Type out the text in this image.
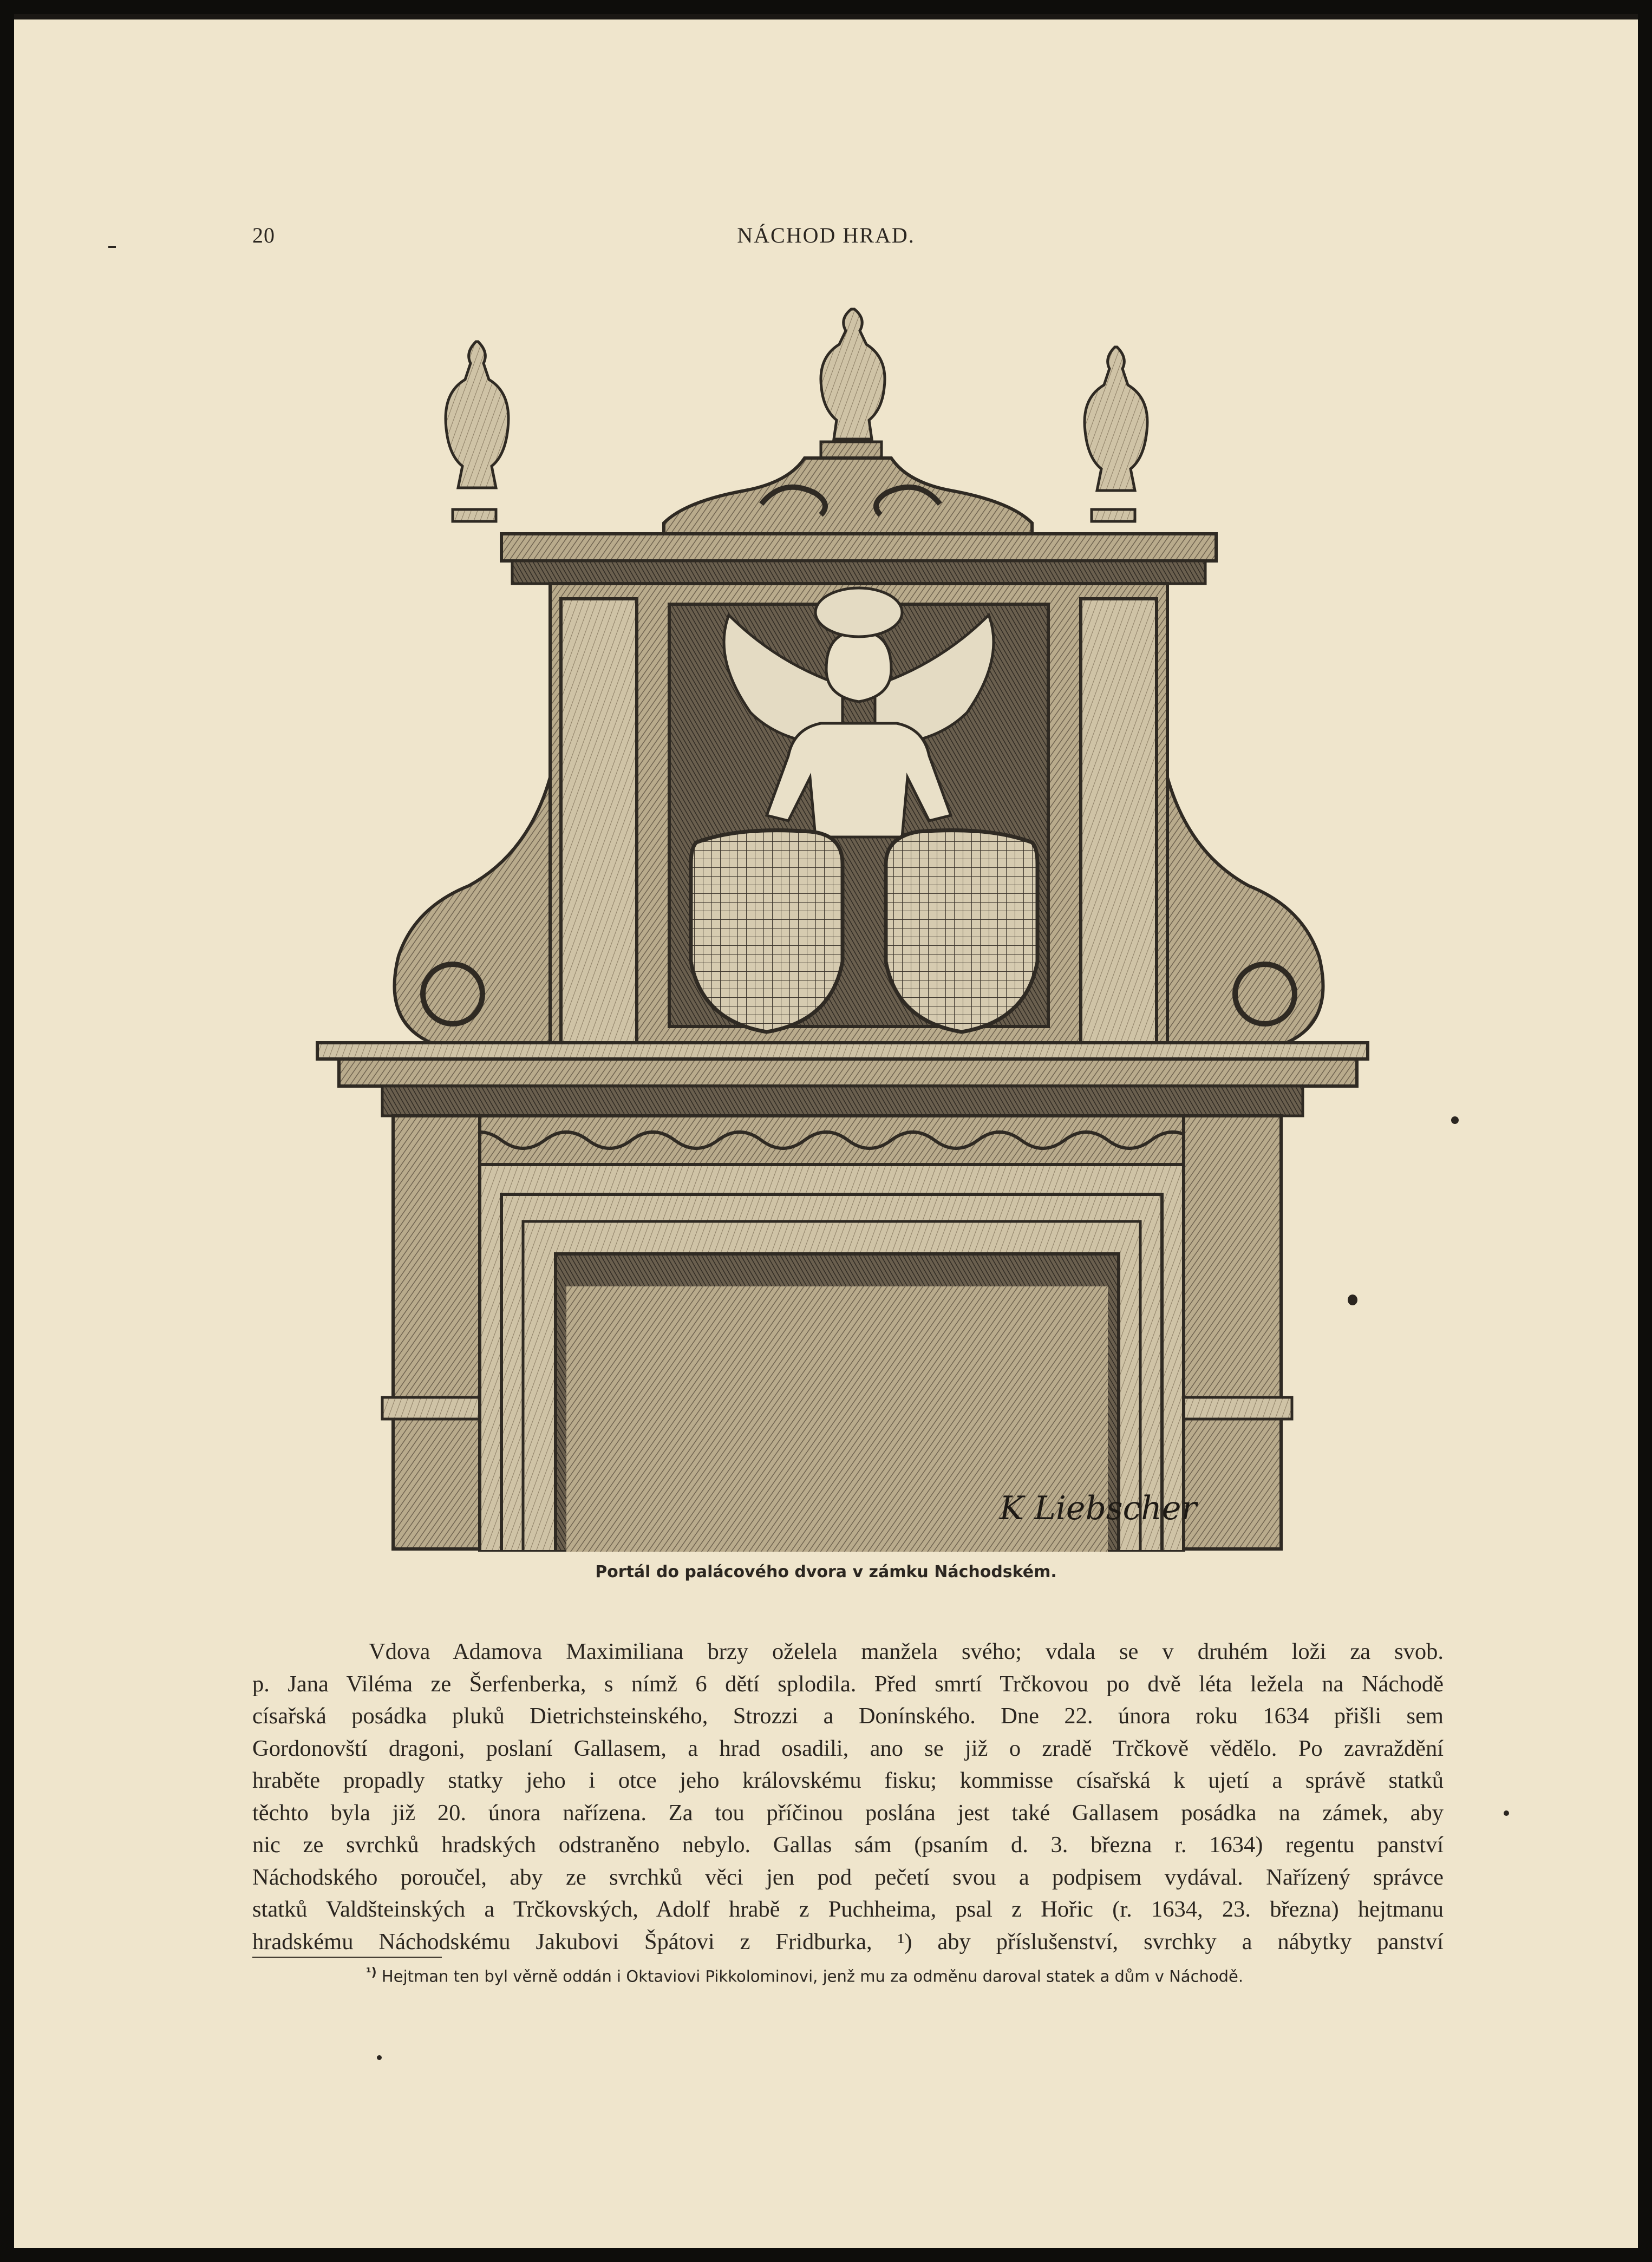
20	NÁCHOD HRAD.
K Liebscher
Portál do palácového dvora v zámku Náchodském.
Vdova Adamova Maximiliana brzy oželela manžela svého; vdala se v druhém loži za svob.
p. Jana Viléma ze Šerfenberka, s nímž 6 dětí splodila. Před smrtí Trčkovou po dvě léta ležela na Náchodě
císařská posádka pluků Dietrichsteinského, Strozzi a Donínského. Dne 22. února roku 1634 přišli sem
Gordonovští dragoni, poslaní Gallasem, a hrad osadili, ano se již o zradě Trčkově vědělo. Po zavraždění
hraběte propadly statky jeho i otce jeho královskému fisku; kommisse císařská k ujetí a správě statků
těchto byla již 20. února nařízena. Za tou příčinou poslána jest také Gallasem posádka na zámek, aby
nic ze svrchků hradských odstraněno nebylo. Gallas sám (psaním d. 3. března r. 1634) regentu panství
Náchodského poroučel, aby ze svrchků věci jen pod pečetí svou a podpisem vydával. Nařízený správce
statků Valdšteinských a Trčkovských, Adolf hrabě z Puchheima, psal z Hořic (r. 1634, 23. března) hejtmanu
hradskému Náchodskému Jakubovi Špátovi z Fridburka, ¹) aby příslušenství, svrchky a nábytky panství
$^{^1)}$ Hejtman ten byl věrně oddán i Oktaviovi Pikkolominovi, jenž mu za odměnu daroval statek a dům v Náchodě.
